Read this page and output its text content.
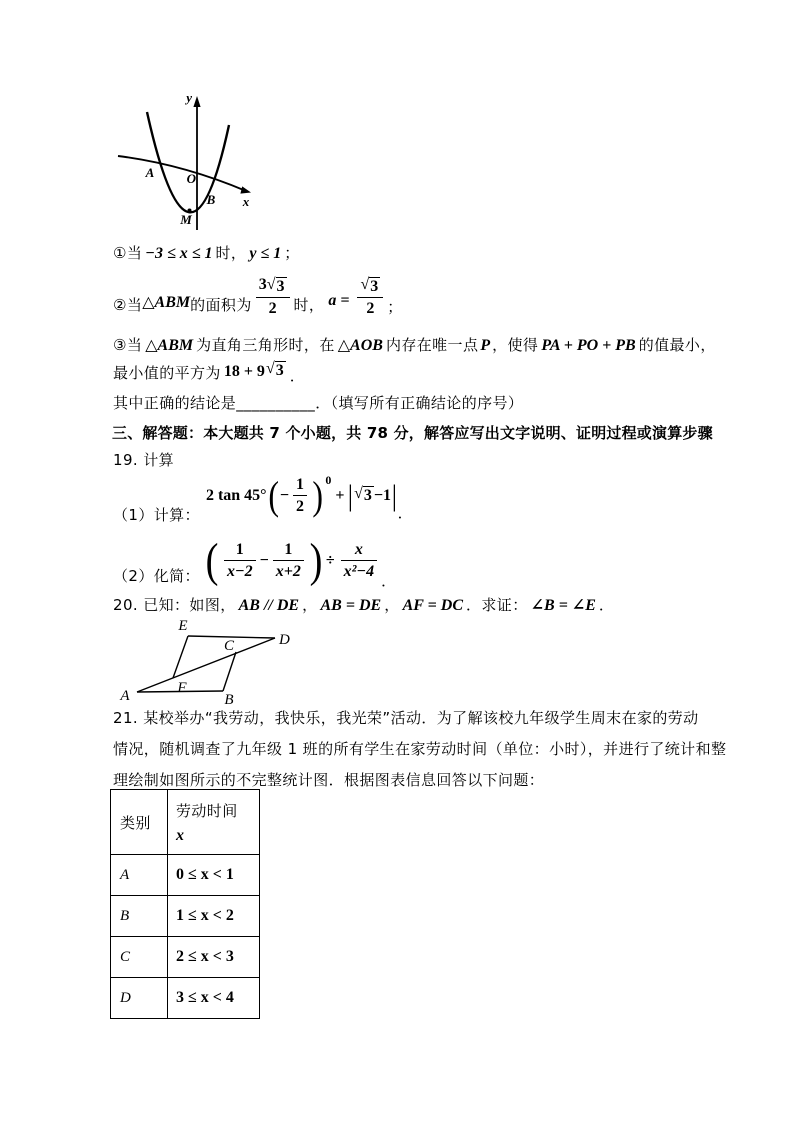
y
x
A O
B
M
①当 −3 ≤ x ≤ 1 时， y ≤ 1 ；
②当 △ABM 的面积为 $\frac{3 √ 3}{2}$ 时， $a = \frac{√ 3}{2}$ ；
③当 △ABM 为直角三角形时，在 △AOB 内存在唯一点 P ，使得 PA + PO + PB 的值最小，
最小值的平方为 18 + 9 √ 3 ．
其中正确的结论是 __________ ．（填写所有正确结论的序号）
三、解答题：本大题共 7 个小题，共 78 分，解答应写出文字说明、证明过程或演算步骤
19. 计算
（1）计算：
2 tan 45° ( − $\frac{1}{2}$ ) 0
+ | √ 3 −1 |
．
（2）化简： ( $\frac{1}{x-2} - \frac{1}{x+2}$ ) ÷ $\frac{x}{\text{x²−4}}$
．
20. 已知：如图， AB // DE ， AB = DE ， AF = DC ．求证： ∠B = ∠E ．
A	B
C	D
E
F
21. 某校举办“我劳动，我快乐，我光荣”活动．为了解该校九年级学生周末在家的劳动
情况，随机调查了九年级 1 班的所有学生在家劳动时间（单位：小时），并进行了统计和整
理绘制如图所示的不完整统计图．根据图表信息回答以下问题：
类别	劳动时间
x

A	0 ≤ x < 1
B	1 ≤ x < 2
C	2 ≤ x < 3
D	3 ≤ x < 4
